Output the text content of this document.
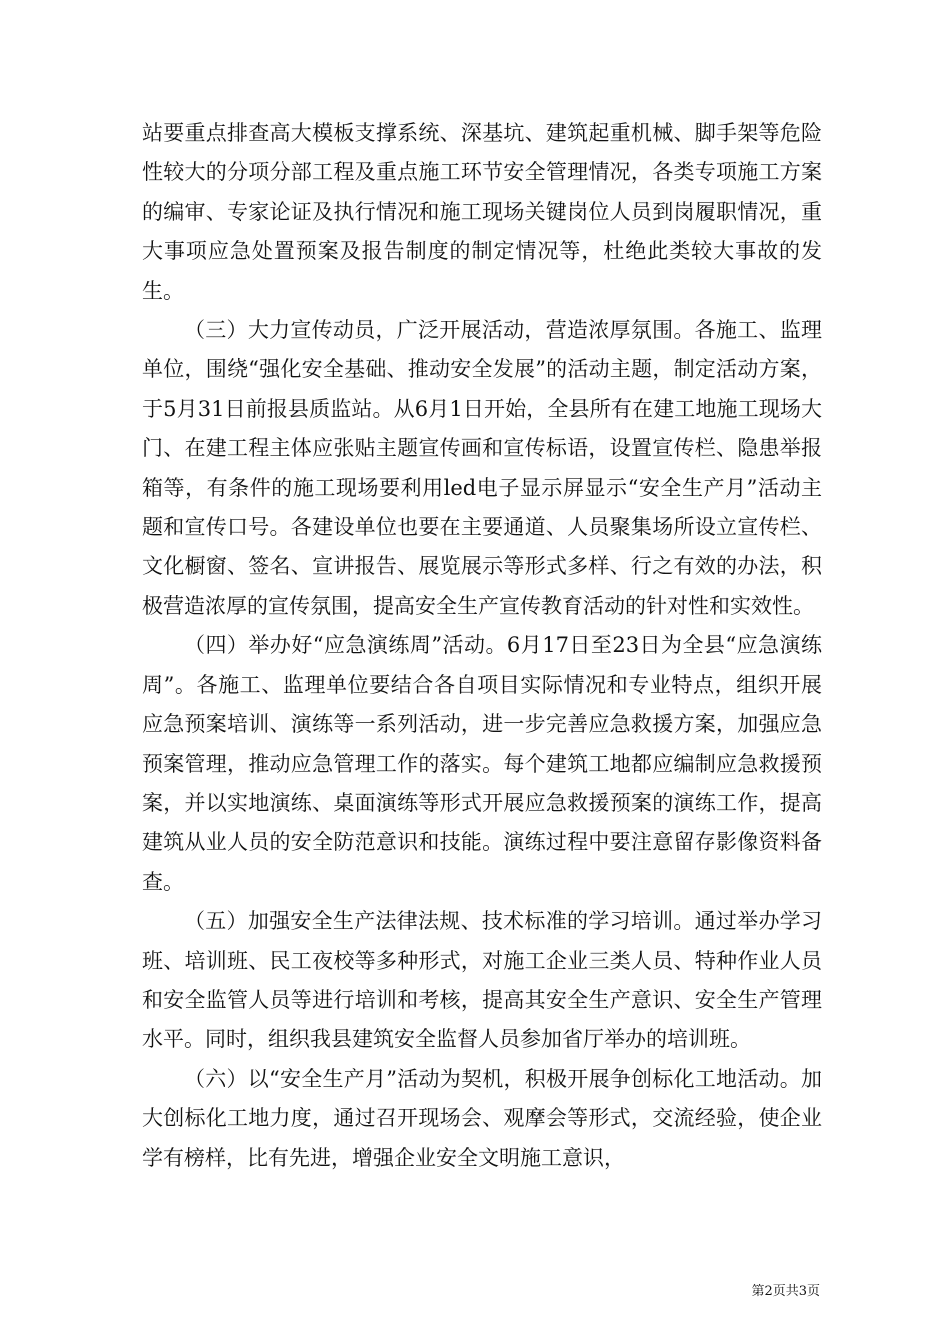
站要重点排查高大模板支撑系统、深基坑、建筑起重机械、脚手架等危险性较大的分项分部工程及重点施工环节安全管理情况，各类专项施工方案的编审、专家论证及执行情况和施工现场关键岗位人员到岗履职情况，重大事项应急处置预案及报告制度的制定情况等，杜绝此类较大事故的发生。

（三）大力宣传动员，广泛开展活动，营造浓厚氛围。各施工、监理单位，围绕“强化安全基础、推动安全发展”的活动主题，制定活动方案，于5月31日前报县质监站。从6月1日开始，全县所有在建工地施工现场大门、在建工程主体应张贴主题宣传画和宣传标语，设置宣传栏、隐患举报箱等，有条件的施工现场要利用led电子显示屏显示“安全生产月”活动主题和宣传口号。各建设单位也要在主要通道、人员聚集场所设立宣传栏、文化橱窗、签名、宣讲报告、展览展示等形式多样、行之有效的办法，积极营造浓厚的宣传氛围，提高安全生产宣传教育活动的针对性和实效性。

（四）举办好“应急演练周”活动。6月17日至23日为全县“应急演练周”。各施工、监理单位要结合各自项目实际情况和专业特点，组织开展应急预案培训、演练等一系列活动，进一步完善应急救援方案，加强应急预案管理，推动应急管理工作的落实。每个建筑工地都应编制应急救援预案，并以实地演练、桌面演练等形式开展应急救援预案的演练工作，提高建筑从业人员的安全防范意识和技能。演练过程中要注意留存影像资料备查。

（五）加强安全生产法律法规、技术标准的学习培训。通过举办学习班、培训班、民工夜校等多种形式，对施工企业三类人员、特种作业人员和安全监管人员等进行培训和考核，提高其安全生产意识、安全生产管理水平。同时，组织我县建筑安全监督人员参加省厅举办的培训班。

（六）以“安全生产月”活动为契机，积极开展争创标化工地活动。加大创标化工地力度，通过召开现场会、观摩会等形式，交流经验，使企业学有榜样，比有先进，增强企业安全文明施工意识，

第2页共3页
